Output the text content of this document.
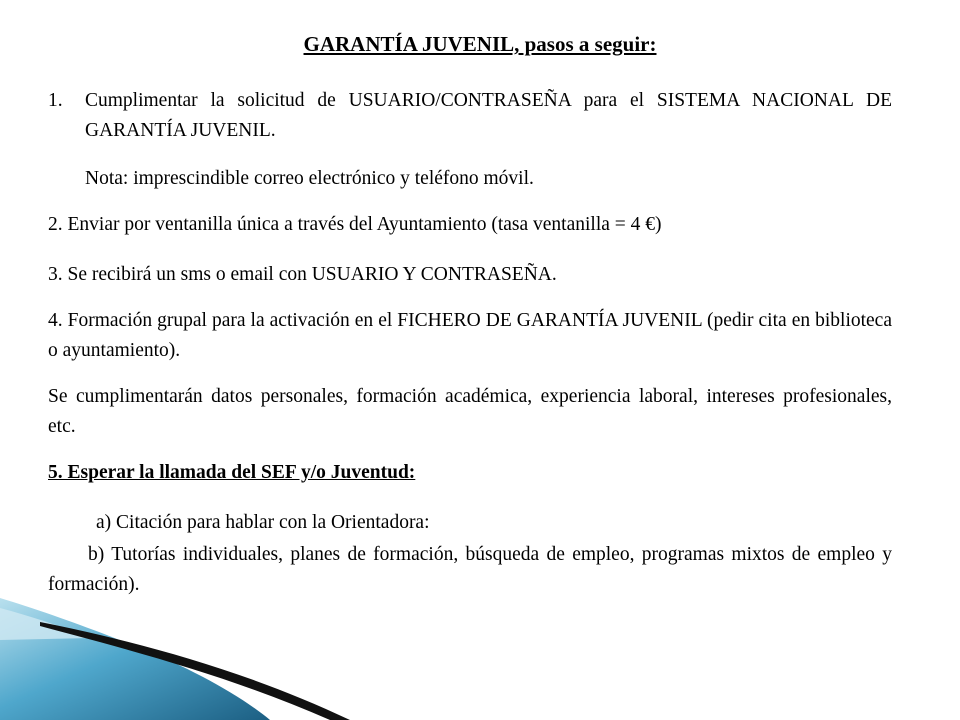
GARANTÍA JUVENIL, pasos a seguir:
1. Cumplimentar la solicitud de USUARIO/CONTRASEÑA para el SISTEMA NACIONAL DE GARANTÍA JUVENIL.
Nota: imprescindible correo electrónico y teléfono móvil.
2. Enviar por ventanilla única a través del Ayuntamiento (tasa ventanilla = 4 €)
3. Se recibirá un sms o email con USUARIO Y CONTRASEÑA.
4. Formación grupal para la activación en el FICHERO DE GARANTÍA JUVENIL (pedir cita en biblioteca o ayuntamiento).
Se cumplimentarán datos personales, formación académica, experiencia laboral, intereses profesionales, etc.
5. Esperar la llamada del SEF y/o Juventud:
a) Citación para hablar con la Orientadora:
b) Tutorías individuales, planes de formación, búsqueda de empleo, programas mixtos de empleo y formación).
